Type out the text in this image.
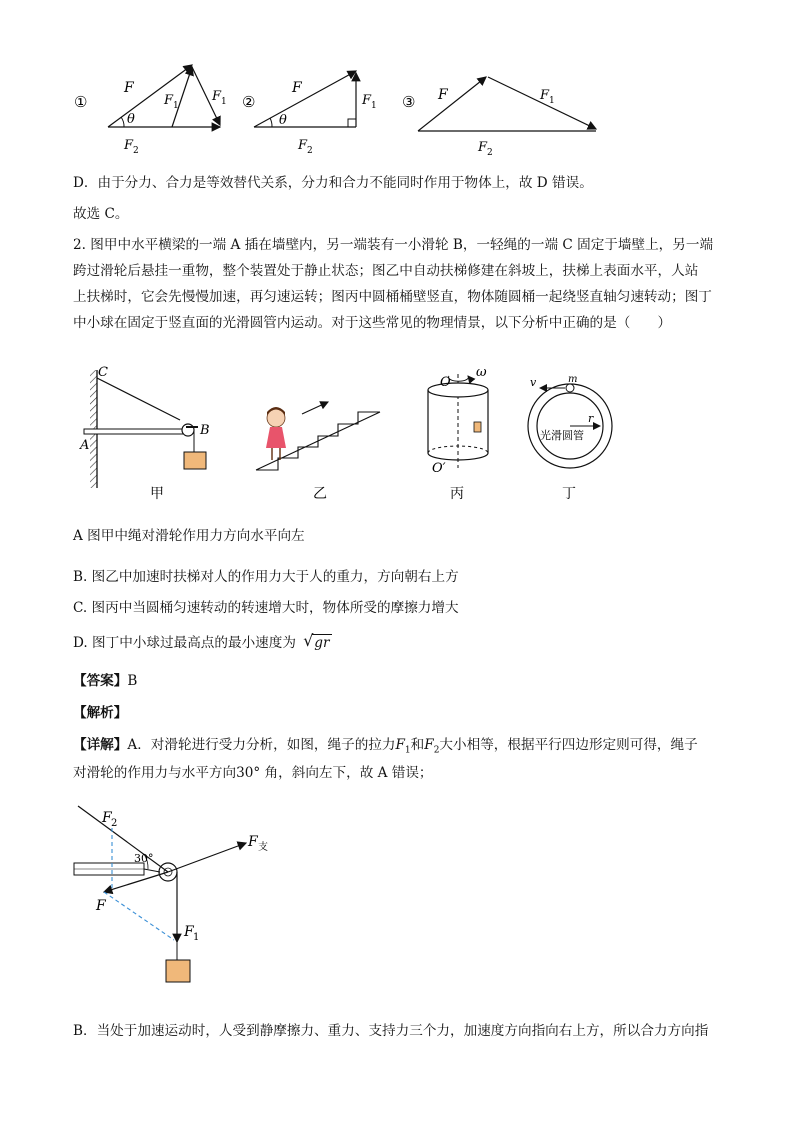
①
F
F 1
F 1
θ
F 2
②
F
F 1
θ
F 2
③ F	F 1
F 2
D．由于分力、合力是等效替代关系，分力和合力不能同时作用于物体上，故 D 错误。
故选 C。
2. 图甲中水平横梁的一端 A 插在墙壁内，另一端装有一小滑轮 B，一轻绳的一端 C 固定于墙壁上，另一端
跨过滑轮后悬挂一重物，整个装置处于静止状态；图乙中自动扶梯修建在斜坡上，扶梯上表面水平，人站
上扶梯时，它会先慢慢加速，再匀速运转；图丙中圆桶桶壁竖直，物体随圆桶一起绕竖直轴匀速转动；图丁
中小球在固定于竖直面的光滑圆管内运动。对于这些常见的物理情景，以下分析中正确的是（　　）
C
A
B
甲	乙
O
ω
O′
丙
v	m
r
光滑圆管
丁
A 图甲中绳对滑轮作用力方向水平向左
B. 图乙中加速时扶梯对人的作用力大于人的重力，方向朝右上方
C. 图丙中当圆桶匀速转动的转速增大时，物体所受的摩擦力增大
D. 图丁中小球过最高点的最小速度为 √ gr
【答案】B
【解析】
【详解】A．对滑轮进行受力分析，如图，绳子的拉力$F_1$和$F_2$大小相等，根据平行四边形定则可得，绳子
对滑轮的作用力与水平方向30° 角，斜向左下，故 A 错误；
F 2
30°
F 支
F
F 1
B．当处于加速运动时，人受到静摩擦力、重力、支持力三个力，加速度方向指向右上方，所以合力方向指
